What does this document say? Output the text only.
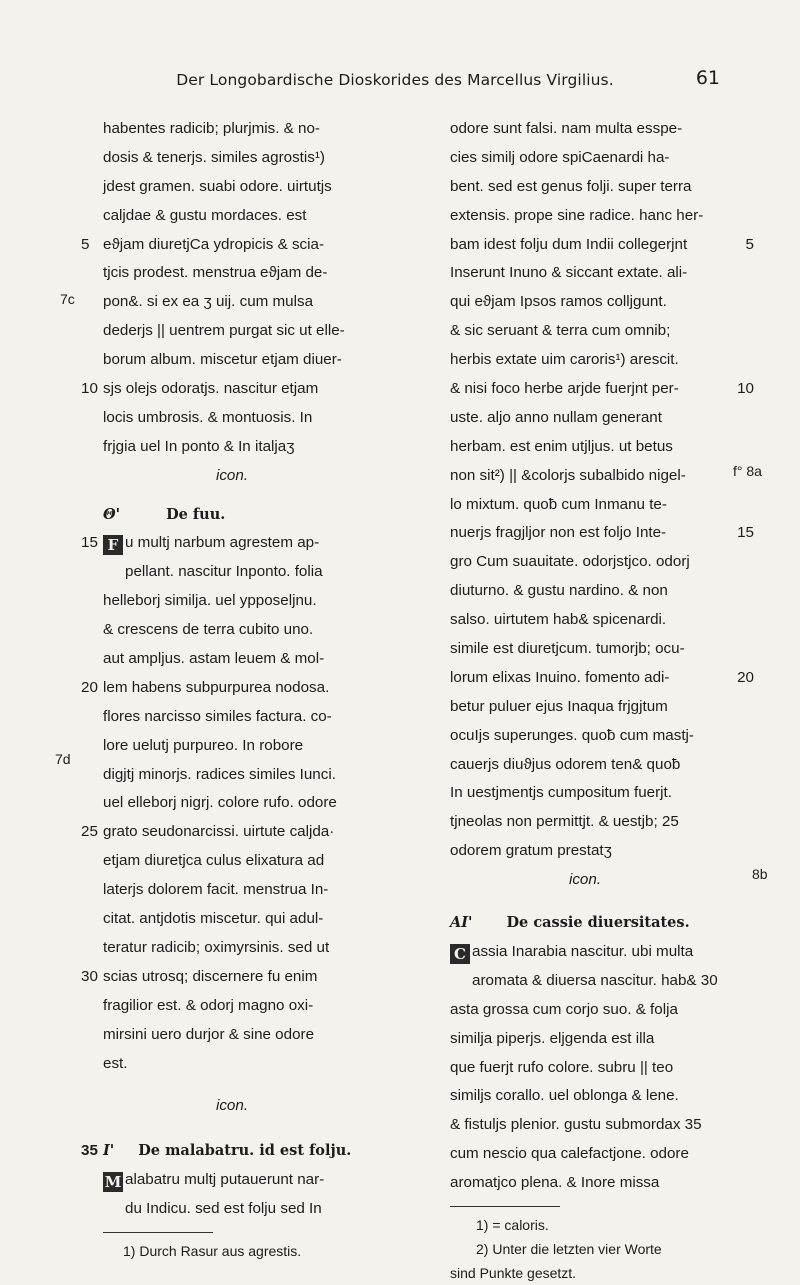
Der Longobardische Dioskorides des Marcellus Virgilius.	61
7c
7d
f° 8a
8b
habentes radicib; plurjmis. & no-
dosis & tenerjs. similes agrostis¹)
jdest gramen. suabi odore. uirtutjs
caljdae & gustu mordaces. est
5 eϑjam diuretjCa ydropicis & scia-
tjcis prodest. menstrua eϑjam de-
pon&. si ex ea ʒ uij. cum mulsa
dederjs || uentrem purgat sic ut elle-
borum album. miscetur etjam diuer-
10 sjs olejs odoratjs. nascitur etjam
locis umbrosis. & montuosis. In
frjgia uel In ponto & In italjaʒ
icon.
Θ'	De fuu.
15 F u multj narbum agrestem ap-
pellant. nascitur Inponto. folia
helleborj similja. uel ypposeljnu.
& crescens de terra cubito uno.
aut ampljus. astam leuem & mol-
20 lem habens subpurpurea nodosa.
flores narcisso similes factura. co-
lore uelutj purpureo. In robore
digjtj minorjs. radices similes Iunci.
uel elleborj nigrj. colore rufo. odore
25 grato seudonarcissi. uirtute caljda·
etjam diuretjca culus elixatura ad
laterjs dolorem facit. menstrua In-
citat. antjdotis miscetur. qui adul-
teratur radicib; oximyrsinis. sed ut
30 scias utrosq; discernere fu enim
fragilior est. & odorj magno oxi-
mirsini uero durjor & sine odore
est.
icon.
35 I' De malabatru. id est folju.
M alabatru multj putauerunt nar-
du Indicu. sed est folju sed In
1) Durch Rasur aus agrestis.
odore sunt falsi. nam multa esspe-
cies similj odore spiCaenardi ha-
bent. sed est genus folji. super terra
extensis. prope sine radice. hanc her-
bam idest folju dum Indii collegerjnt	5
Inserunt Inuno & siccant extate. ali-
qui eϑjam Ipsos ramos colljgunt.
& sic seruant & terra cum omnib;
herbis extate uim caroris¹) arescit.
& nisi foco herbe arjde fuerjnt per-	10
uste. aljo anno nullam generant
herbam. est enim utjljus. ut betus
non sit²) || &colorjs subalbido nigel-
lo mixtum. quoƀ cum Inmanu te-
nuerjs fragjljor non est foljo Inte-	15
gro Cum suauitate. odorjstjco. odorj
diuturno. & gustu nardino. & non
salso. uirtutem hab& spicenardi.
simile est diuretjcum. tumorjb; ocu-
lorum elixas Inuino. fomento adi-	20
betur puluer ejus Inaqua frjgjtum
ocuIjs superunges. quoƀ cum mastj-
cauerjs diuϑjus odorem ten& quoƀ
In uestjmentjs cumpositum fuerjt.
tjneolas non permittjt. & uestjb; 25
odorem gratum prestatʒ
icon.
AI' De cassie diuersitates.
C assia Inarabia nascitur. ubi multa
aromata & diuersa nascitur. hab& 30
asta grossa cum corjo suo. & folja
similja piperjs. eljgenda est illa
que fuerjt rufo colore. subru || teo
similjs corallo. uel oblonga & lene.
& fistuljs plenior. gustu submordax 35
cum nescio qua calefactjone. odore
aromatjco plena. & Inore missa
1) = caloris.
2) Unter die letzten vier Worte
sind Punkte gesetzt.
